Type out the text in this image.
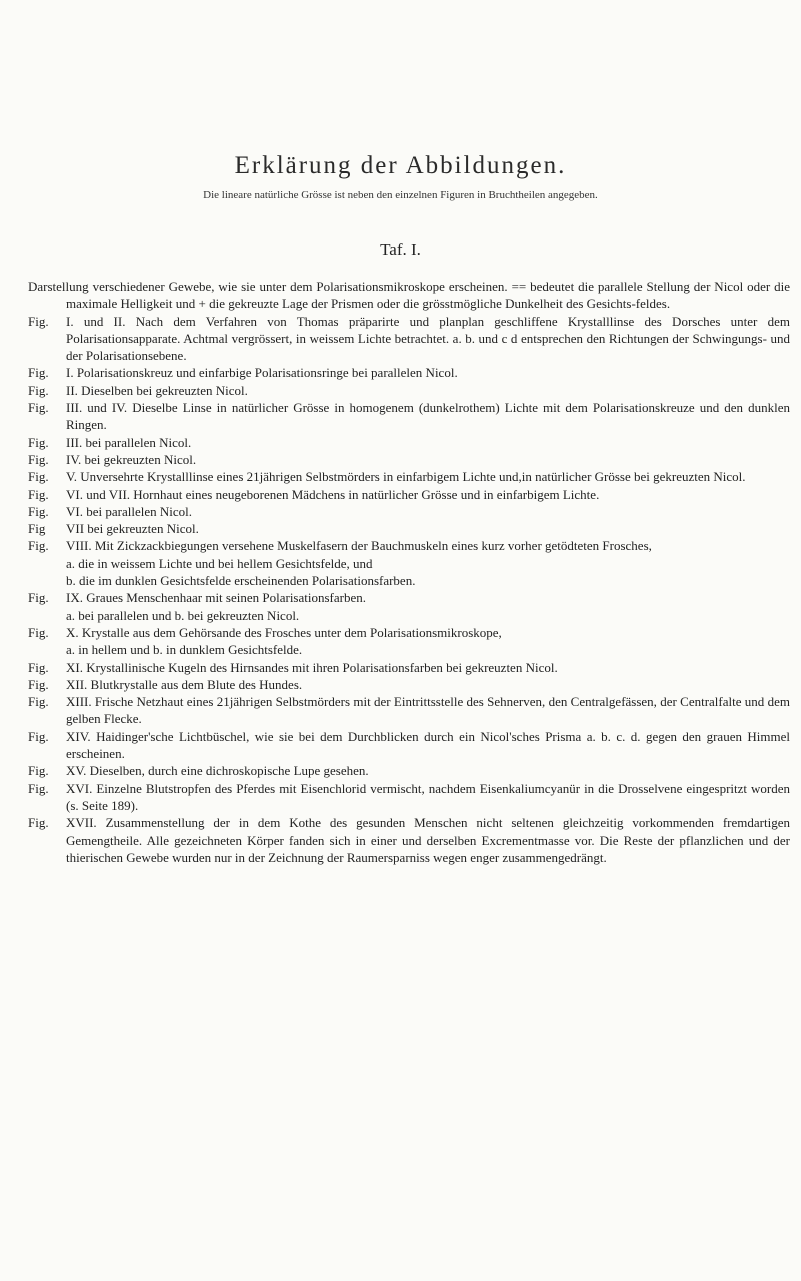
Erklärung der Abbildungen.
Die lineare natürliche Grösse ist neben den einzelnen Figuren in Bruchtheilen angegeben.
Taf. I.
Darstellung verschiedener Gewebe, wie sie unter dem Polarisationsmikroskope erscheinen. == bedeutet die parallele Stellung der Nicol oder die maximale Helligkeit und + die gekreuzte Lage der Prismen oder die grösstmögliche Dunkelheit des Gesichts-feldes.
Fig.	I. und II. Nach dem Verfahren von Thomas präparirte und planplan geschliffene Krystalllinse des Dorsches unter dem Polarisationsapparate. Achtmal vergrössert, in weissem Lichte betrachtet. a. b. und c d entsprechen den Richtungen der Schwingungs- und der Polarisationsebene.
Fig.	I. Polarisationskreuz und einfarbige Polarisationsringe bei parallelen Nicol.
Fig.	II. Dieselben bei gekreuzten Nicol.
Fig.	III. und IV. Dieselbe Linse in natürlicher Grösse in homogenem (dunkelrothem) Lichte mit dem Polarisationskreuze und den dunklen Ringen.
Fig.	III. bei parallelen Nicol.
Fig.	IV. bei gekreuzten Nicol.
Fig.	V. Unversehrte Krystalllinse eines 21jährigen Selbstmörders in einfarbigem Lichte und,in natürlicher Grösse bei gekreuzten Nicol.
Fig.	VI. und VII. Hornhaut eines neugeborenen Mädchens in natürlicher Grösse und in einfarbigem Lichte.
Fig.	VI. bei parallelen Nicol.
Fig	VII bei gekreuzten Nicol.
Fig.	VIII. Mit Zickzackbiegungen versehene Muskelfasern der Bauchmuskeln eines kurz vorher getödteten Frosches,
a. die in weissem Lichte und bei hellem Gesichtsfelde, und
b. die im dunklen Gesichtsfelde erscheinenden Polarisationsfarben.
Fig.	IX. Graues Menschenhaar mit seinen Polarisationsfarben.
a. bei parallelen und b. bei gekreuzten Nicol.
Fig.	X. Krystalle aus dem Gehörsande des Frosches unter dem Polarisationsmikroskope,
a. in hellem und b. in dunklem Gesichtsfelde.
Fig.	XI. Krystallinische Kugeln des Hirnsandes mit ihren Polarisationsfarben bei gekreuzten Nicol.
Fig.	XII. Blutkrystalle aus dem Blute des Hundes.
Fig.	XIII. Frische Netzhaut eines 21jährigen Selbstmörders mit der Eintrittsstelle des Sehnerven, den Centralgefässen, der Centralfalte und dem gelben Flecke.
Fig.	XIV. Haidinger'sche Lichtbüschel, wie sie bei dem Durchblicken durch ein Nicol'sches Prisma a. b. c. d. gegen den grauen Himmel erscheinen.
Fig.	XV. Dieselben, durch eine dichroskopische Lupe gesehen.
Fig.	XVI. Einzelne Blutstropfen des Pferdes mit Eisenchlorid vermischt, nachdem Eisenkaliumcyanür in die Drosselvene eingespritzt worden (s. Seite 189).
Fig.	XVII. Zusammenstellung der in dem Kothe des gesunden Menschen nicht seltenen gleichzeitig vorkommenden fremdartigen Gemengtheile. Alle gezeichneten Körper fanden sich in einer und derselben Excrementmasse vor. Die Reste der pflanzlichen und der thierischen Gewebe wurden nur in der Zeichnung der Raumersparniss wegen enger zusammengedrängt.
